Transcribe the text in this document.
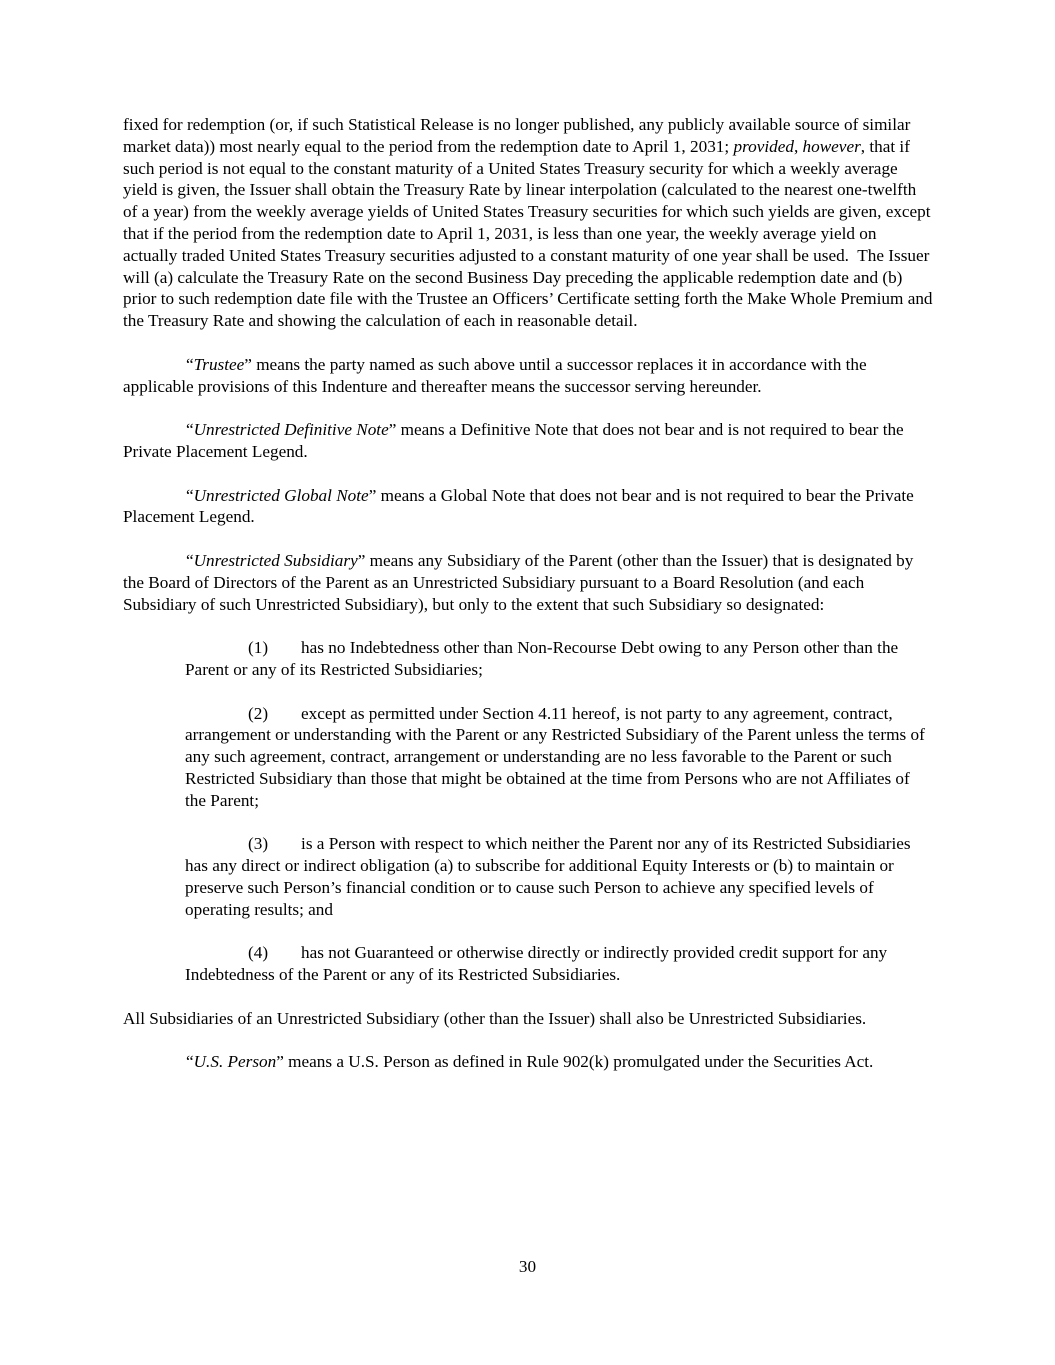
fixed for redemption (or, if such Statistical Release is no longer published, any publicly available source of similar market data)) most nearly equal to the period from the redemption date to April 1, 2031; provided, however, that if such period is not equal to the constant maturity of a United States Treasury security for which a weekly average yield is given, the Issuer shall obtain the Treasury Rate by linear interpolation (calculated to the nearest one-twelfth of a year) from the weekly average yields of United States Treasury securities for which such yields are given, except that if the period from the redemption date to April 1, 2031, is less than one year, the weekly average yield on actually traded United States Treasury securities adjusted to a constant maturity of one year shall be used.  The Issuer will (a) calculate the Treasury Rate on the second Business Day preceding the applicable redemption date and (b) prior to such redemption date file with the Trustee an Officers’ Certificate setting forth the Make Whole Premium and the Treasury Rate and showing the calculation of each in reasonable detail.

“Trustee” means the party named as such above until a successor replaces it in accordance with the applicable provisions of this Indenture and thereafter means the successor serving hereunder.

“Unrestricted Definitive Note” means a Definitive Note that does not bear and is not required to bear the Private Placement Legend.

“Unrestricted Global Note” means a Global Note that does not bear and is not required to bear the Private Placement Legend.

“Unrestricted Subsidiary” means any Subsidiary of the Parent (other than the Issuer) that is designated by the Board of Directors of the Parent as an Unrestricted Subsidiary pursuant to a Board Resolution (and each Subsidiary of such Unrestricted Subsidiary), but only to the extent that such Subsidiary so designated:

(1) has no Indebtedness other than Non-Recourse Debt owing to any Person other than the Parent or any of its Restricted Subsidiaries;

(2) except as permitted under Section 4.11 hereof, is not party to any agreement, contract, arrangement or understanding with the Parent or any Restricted Subsidiary of the Parent unless the terms of any such agreement, contract, arrangement or understanding are no less favorable to the Parent or such Restricted Subsidiary than those that might be obtained at the time from Persons who are not Affiliates of the Parent;

(3) is a Person with respect to which neither the Parent nor any of its Restricted Subsidiaries has any direct or indirect obligation (a) to subscribe for additional Equity Interests or (b) to maintain or preserve such Person’s financial condition or to cause such Person to achieve any specified levels of operating results; and

(4) has not Guaranteed or otherwise directly or indirectly provided credit support for any Indebtedness of the Parent or any of its Restricted Subsidiaries.

All Subsidiaries of an Unrestricted Subsidiary (other than the Issuer) shall also be Unrestricted Subsidiaries.

“U.S. Person” means a U.S. Person as defined in Rule 902(k) promulgated under the Securities Act.

30
